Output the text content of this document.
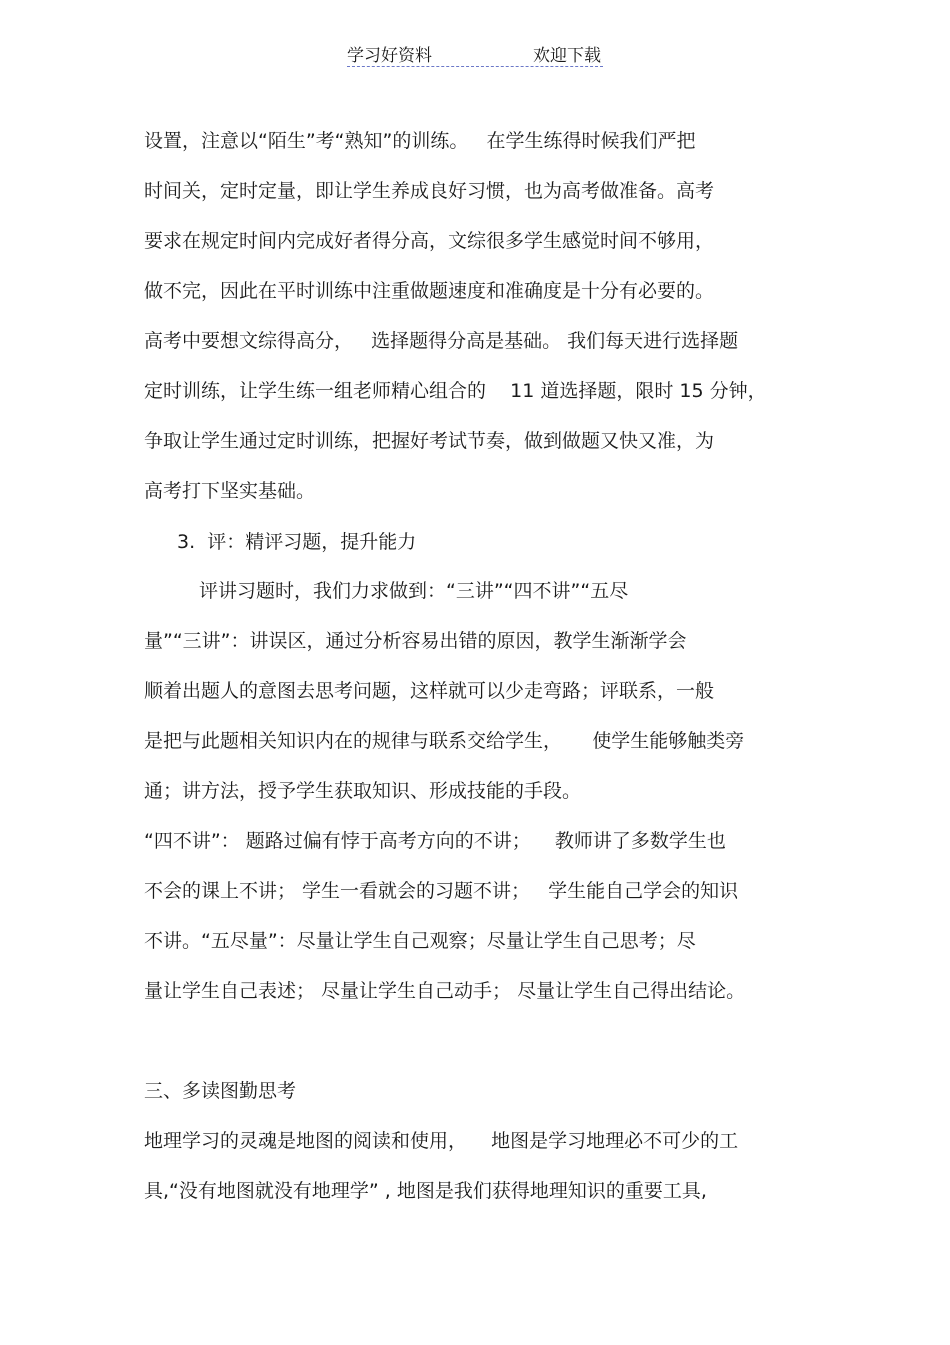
学习好资料	欢迎下载
设置，注意以“陌生”考“熟知”的训练。   在学生练得时候我们严把
时间关，定时定量，即让学生养成良好习惯，也为高考做准备。高考
要求在规定时间内完成好者得分高，文综很多学生感觉时间不够用，
做不完，因此在平时训练中注重做题速度和准确度是十分有必要的。
高考中要想文综得高分，   选择题得分高是基础。 我们每天进行选择题
定时训练，让学生练一组老师精心组合的    11 道选择题，限时 15 分钟，
争取让学生通过定时训练，把握好考试节奏，做到做题又快又准，为
高考打下坚实基础。
3.  评：精评习题，提升能力
评讲习题时，我们力求做到：“三讲”“四不讲”“五尽
量”“三讲”：讲误区，通过分析容易出错的原因，教学生渐渐学会
顺着出题人的意图去思考问题，这样就可以少走弯路；评联系，一般
是把与此题相关知识内在的规律与联系交给学生，     使学生能够触类旁
通；讲方法，授予学生获取知识、形成技能的手段。
“四不讲”： 题路过偏有悖于高考方向的不讲；    教师讲了多数学生也
不会的课上不讲； 学生一看就会的习题不讲；   学生能自己学会的知识
不讲。“五尽量”：尽量让学生自己观察；尽量让学生自己思考；尽
量让学生自己表述； 尽量让学生自己动手； 尽量让学生自己得出结论。
三、多读图勤思考
地理学习的灵魂是地图的阅读和使用，    地图是学习地理必不可少的工
具,“没有地图就没有地理学” , 地图是我们获得地理知识的重要工具,
